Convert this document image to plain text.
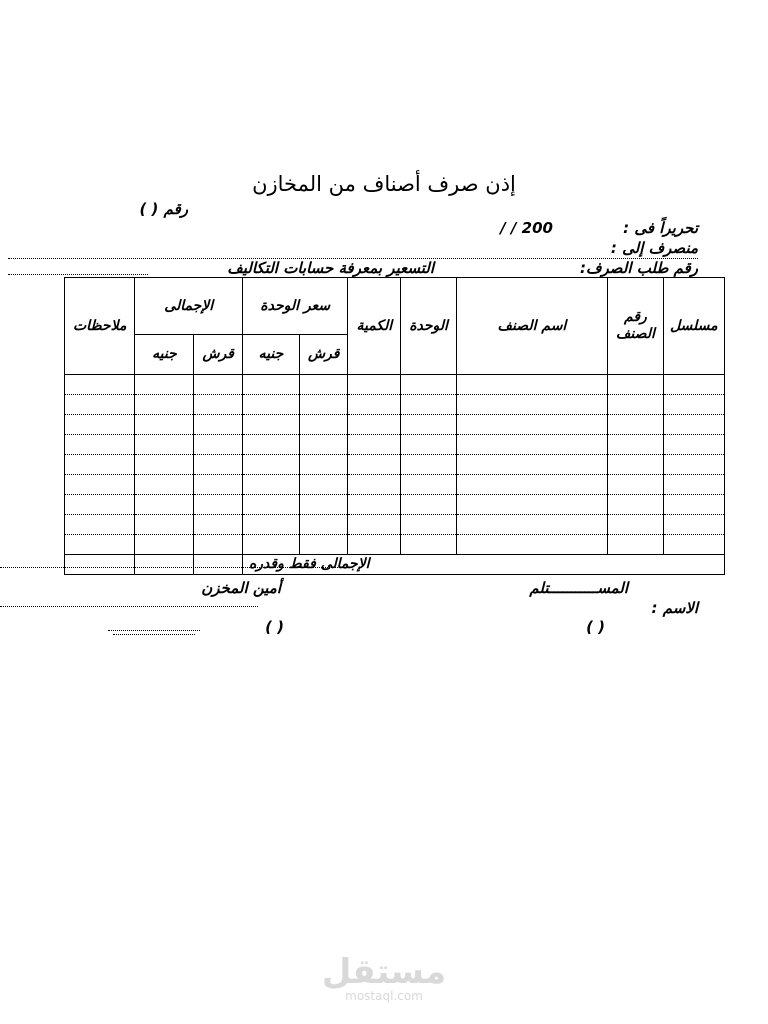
إذن صرف أصناف من المخازن
رقم ( )
تحريراً فى :
/ / 200
منصرف إلى :
رقم طلب الصرف:
التسعير بمعرفة حسابات التكاليف
مسلسل	رقم الصنف	اسم الصنف	الوحدة	الكمية	سعر الوحدة		الإجمالى		ملاحظات
					قرش	جنيه	قرش	جنيه	

الإجمالى فقط وقدره									
المســـــــــــتلم
أمين المخزن
الاسم :
( )
( )
مستقل
mostaql.com
